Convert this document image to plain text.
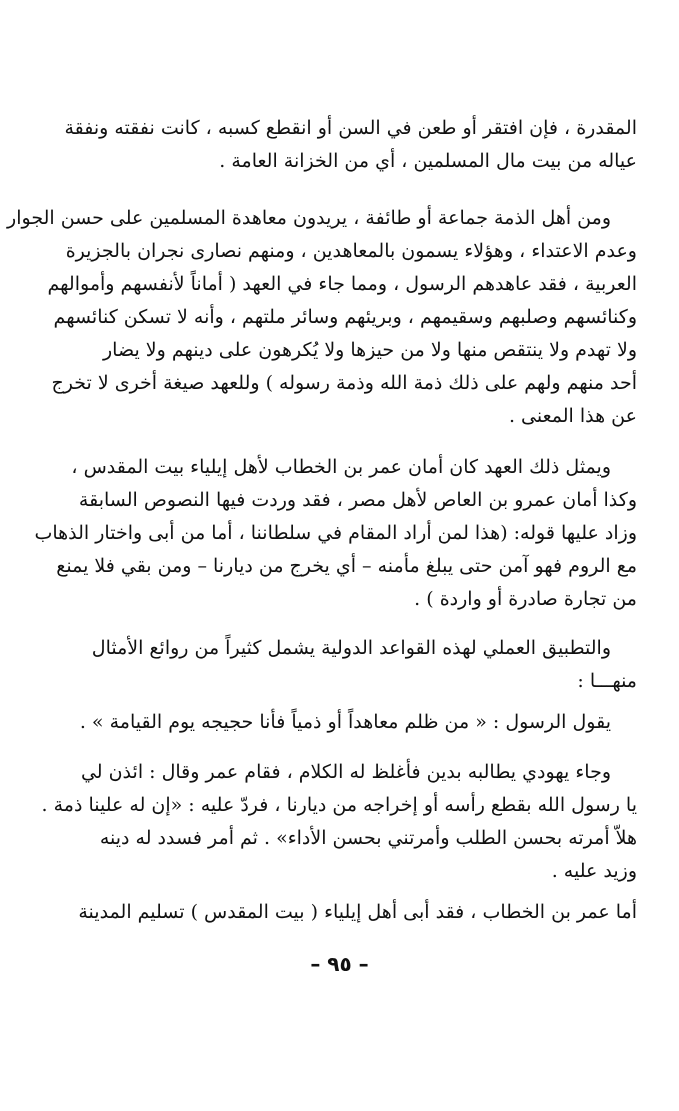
المقدرة ، فإن افتقر أو طعن في السن أو انقطع كسبه ، كانت نفقته ونفقة
عياله من بيت مال المسلمين ، أي من الخزانة العامة .
ومن أهل الذمة جماعة أو طائفة ، يريدون معاهدة المسلمين على حسن الجوار
وعدم الاعتداء ، وهؤلاء يسمون بالمعاهدين ، ومنهم نصارى نجران بالجزيرة
العربية ، فقد عاهدهم الرسول ، ومما جاء في العهد ( أماناً لأنفسهم وأموالهم
وكنائسهم وصلبهم وسقيمهم ، وبريئهم وسائر ملتهم ، وأنه لا تسكن كنائسهم
ولا تهدم ولا ينتقص منها ولا من حيزها ولا يُكرهون على دينهم ولا يضار
أحد منهم ولهم على ذلك ذمة الله وذمة رسوله ) وللعهد صيغة أخرى لا تخرج
عن هذا المعنى .
ويمثل ذلك العهد كان أمان عمر بن الخطاب لأهل إيلياء بيت المقدس ،
وكذا أمان عمرو بن العاص لأهل مصر ، فقد وردت فيها النصوص السابقة
وزاد عليها قوله: (هذا لمن أراد المقام في سلطاننا ، أما من أبى واختار الذهاب
مع الروم فهو آمن حتى يبلغ مأمنه – أي يخرج من ديارنا – ومن بقي فلا يمنع
من تجارة صادرة أو واردة ) .
والتطبيق العملي لهذه القواعد الدولية يشمل كثيراً من روائع الأمثال
منهـــا :
يقول الرسول : « من ظلم معاهداً أو ذمياً فأنا حجيجه يوم القيامة » .
وجاء يهودي يطالبه بدين فأغلظ له الكلام ، فقام عمر وقال : ائذن لي
يا رسول الله بقطع رأسه أو إخراجه من ديارنا ، فردّ عليه : «إن له علينا ذمة .
هلاّ أمرته بحسن الطلب وأمرتني بحسن الأداء» . ثم أمر فسدد له دينه
وزيد عليه .
أما عمر بن الخطاب ، فقد أبى أهل إيلياء ( بيت المقدس ) تسليم المدينة
– ٩٥ –
